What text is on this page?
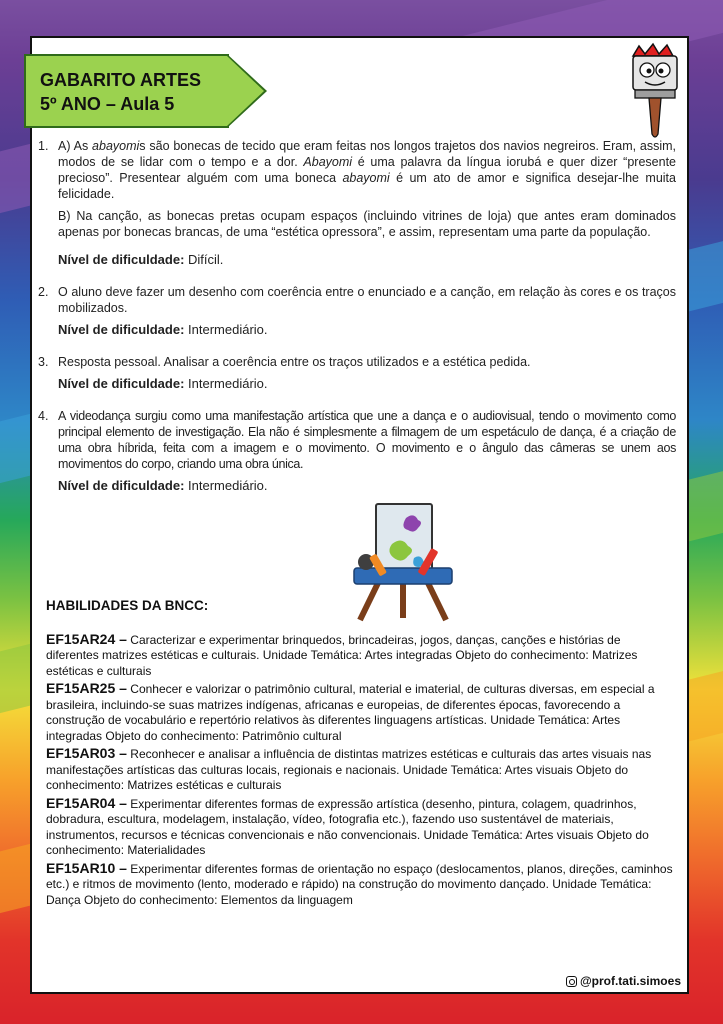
GABARITO ARTES
5º ANO – Aula 5
1. A) As abayomis são bonecas de tecido que eram feitas nos longos trajetos dos navios negreiros. Eram, assim, modos de se lidar com o tempo e a dor. Abayomi é uma palavra da língua iorubá e quer dizer “presente precioso”. Presentear alguém com uma boneca abayomi é um ato de amor e significa desejar-lhe muita felicidade.

B) Na canção, as bonecas pretas ocupam espaços (incluindo vitrines de loja) que antes eram dominados apenas por bonecas brancas, de uma “estética opressora”, e assim, representam uma parte da população.

Nível de dificuldade: Difícil.
2. O aluno deve fazer um desenho com coerência entre o enunciado e a canção, em relação às cores e os traços mobilizados.
Nível de dificuldade: Intermediário.
3. Resposta pessoal. Analisar a coerência entre os traços utilizados e a estética pedida.
Nível de dificuldade: Intermediário.
4. A videodança surgiu como uma manifestação artística que une a dança e o audiovisual, tendo o movimento como principal elemento de investigação. Ela não é simplesmente a filmagem de um espetáculo de dança, é a criação de uma obra híbrida, feita com a imagem e o movimento. O movimento e o ângulo das câmeras se unem aos movimentos do corpo, criando uma obra única.
Nível de dificuldade: Intermediário.
HABILIDADES DA BNCC:
EF15AR24 – Caracterizar e experimentar brinquedos, brincadeiras, jogos, danças, canções e histórias de diferentes matrizes estéticas e culturais. Unidade Temática: Artes integradas Objeto do conhecimento: Matrizes estéticas e culturais
EF15AR25 – Conhecer e valorizar o patrimônio cultural, material e imaterial, de culturas diversas, em especial a brasileira, incluindo-se suas matrizes indígenas, africanas e europeias, de diferentes épocas, favorecendo a construção de vocabulário e repertório relativos às diferentes linguagens artísticas. Unidade Temática: Artes integradas Objeto do conhecimento: Patrimônio cultural
EF15AR03 – Reconhecer e analisar a influência de distintas matrizes estéticas e culturais das artes visuais nas manifestações artísticas das culturas locais, regionais e nacionais. Unidade Temática: Artes visuais Objeto do conhecimento: Matrizes estéticas e culturais
EF15AR04 – Experimentar diferentes formas de expressão artística (desenho, pintura, colagem, quadrinhos, dobradura, escultura, modelagem, instalação, vídeo, fotografia etc.), fazendo uso sustentável de materiais, instrumentos, recursos e técnicas convencionais e não convencionais. Unidade Temática: Artes visuais Objeto do conhecimento: Materialidades
EF15AR10 – Experimentar diferentes formas de orientação no espaço (deslocamentos, planos, direções, caminhos etc.) e ritmos de movimento (lento, moderado e rápido) na construção do movimento dançado. Unidade Temática: Dança Objeto do conhecimento: Elementos da linguagem
@prof.tati.simoes
